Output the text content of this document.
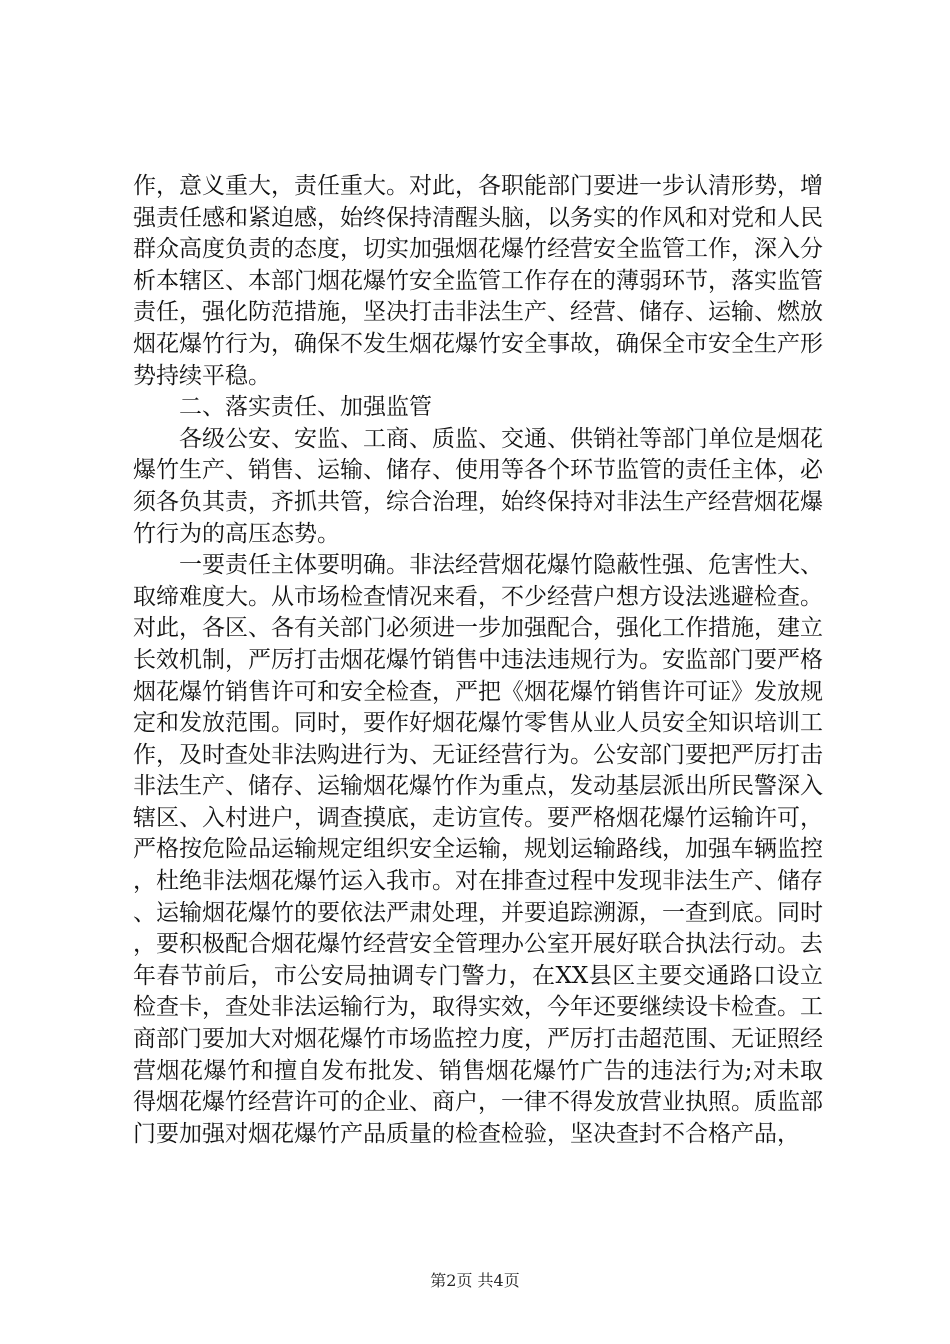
作，意义重大，责任重大。对此，各职能部门要进一步认清形势，增强责任感和紧迫感，始终保持清醒头脑，以务实的作风和对党和人民群众高度负责的态度，切实加强烟花爆竹经营安全监管工作，深入分析本辖区、本部门烟花爆竹安全监管工作存在的薄弱环节，落实监管责任，强化防范措施，坚决打击非法生产、经营、储存、运输、燃放烟花爆竹行为，确保不发生烟花爆竹安全事故，确保全市安全生产形势持续平稳。

二、落实责任、加强监管

各级公安、安监、工商、质监、交通、供销社等部门单位是烟花爆竹生产、销售、运输、储存、使用等各个环节监管的责任主体，必须各负其责，齐抓共管，综合治理，始终保持对非法生产经营烟花爆竹行为的高压态势。

一要责任主体要明确。非法经营烟花爆竹隐蔽性强、危害性大、取缔难度大。从市场检查情况来看，不少经营户想方设法逃避检查。对此，各区、各有关部门必须进一步加强配合，强化工作措施，建立长效机制，严厉打击烟花爆竹销售中违法违规行为。安监部门要严格烟花爆竹销售许可和安全检查，严把《烟花爆竹销售许可证》发放规定和发放范围。同时，要作好烟花爆竹零售从业人员安全知识培训工作，及时查处非法购进行为、无证经营行为。公安部门要把严厉打击非法生产、储存、运输烟花爆竹作为重点，发动基层派出所民警深入辖区、入村进户，调查摸底，走访宣传。要严格烟花爆竹运输许可，严格按危险品运输规定组织安全运输，规划运输路线，加强车辆监控，杜绝非法烟花爆竹运入我市。对在排查过程中发现非法生产、储存、运输烟花爆竹的要依法严肃处理，并要追踪溯源，一查到底。同时，要积极配合烟花爆竹经营安全管理办公室开展好联合执法行动。去年春节前后，市公安局抽调专门警力，在XX县区主要交通路口设立检查卡，查处非法运输行为，取得实效，今年还要继续设卡检查。工商部门要加大对烟花爆竹市场监控力度，严厉打击超范围、无证照经营烟花爆竹和擅自发布批发、销售烟花爆竹广告的违法行为;对未取得烟花爆竹经营许可的企业、商户，一律不得发放营业执照。质监部门要加强对烟花爆竹产品质量的检查检验，坚决查封不合格产品，

第2页 共4页
